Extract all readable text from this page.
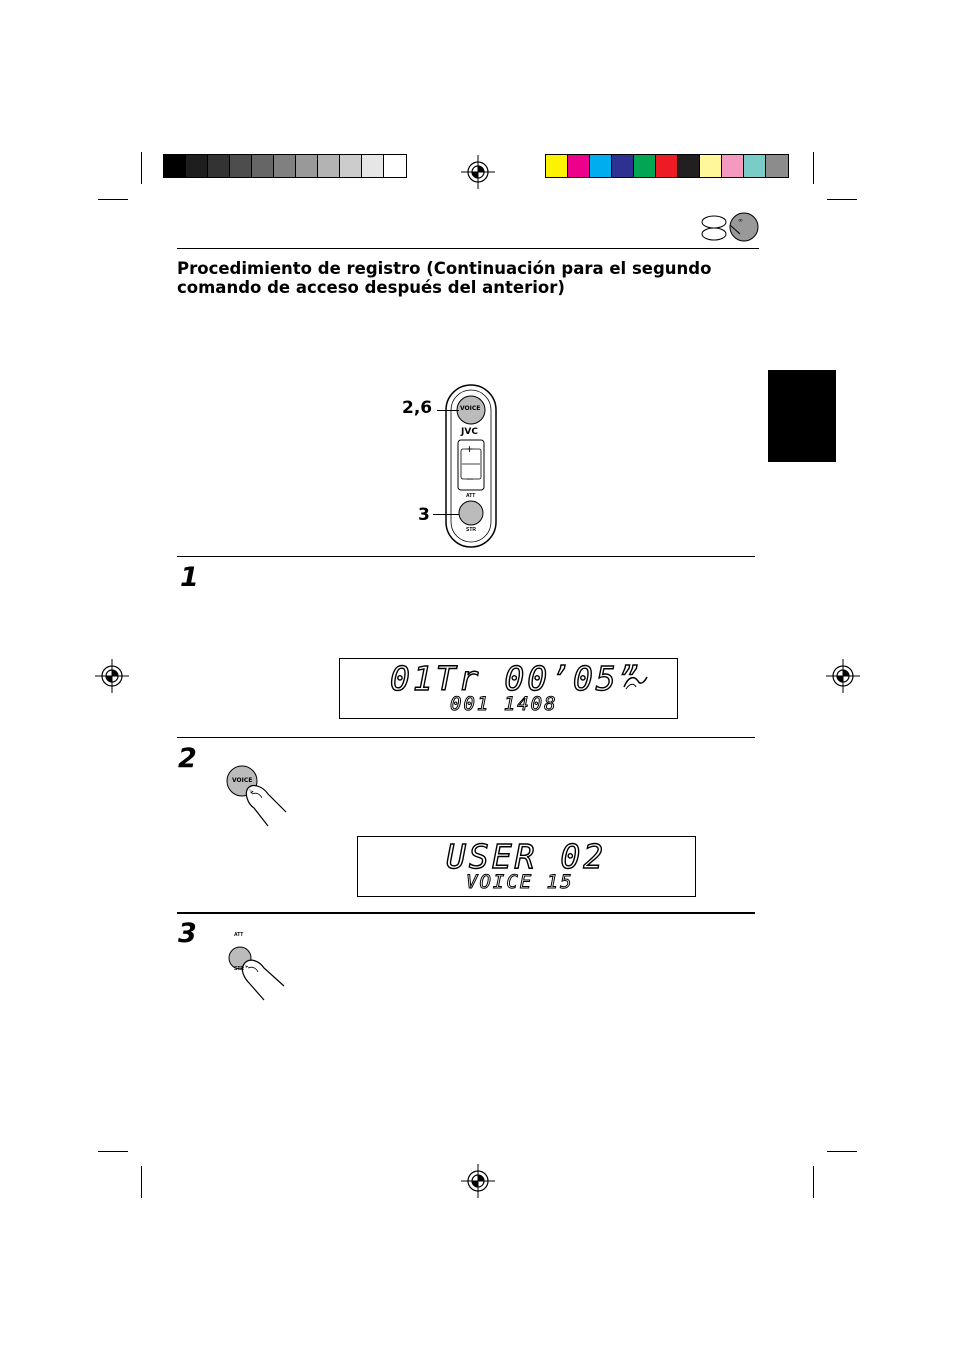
∞
Procedimiento de registro (Continuación para el segundo comando de acceso después del anterior)
VOICE
JVC
+
–
ATT
STR
2,6
3
1
01Tr 00’05”
001 1408
2
VOICE
USER 02
VOICE 15
3	ATT
STR
